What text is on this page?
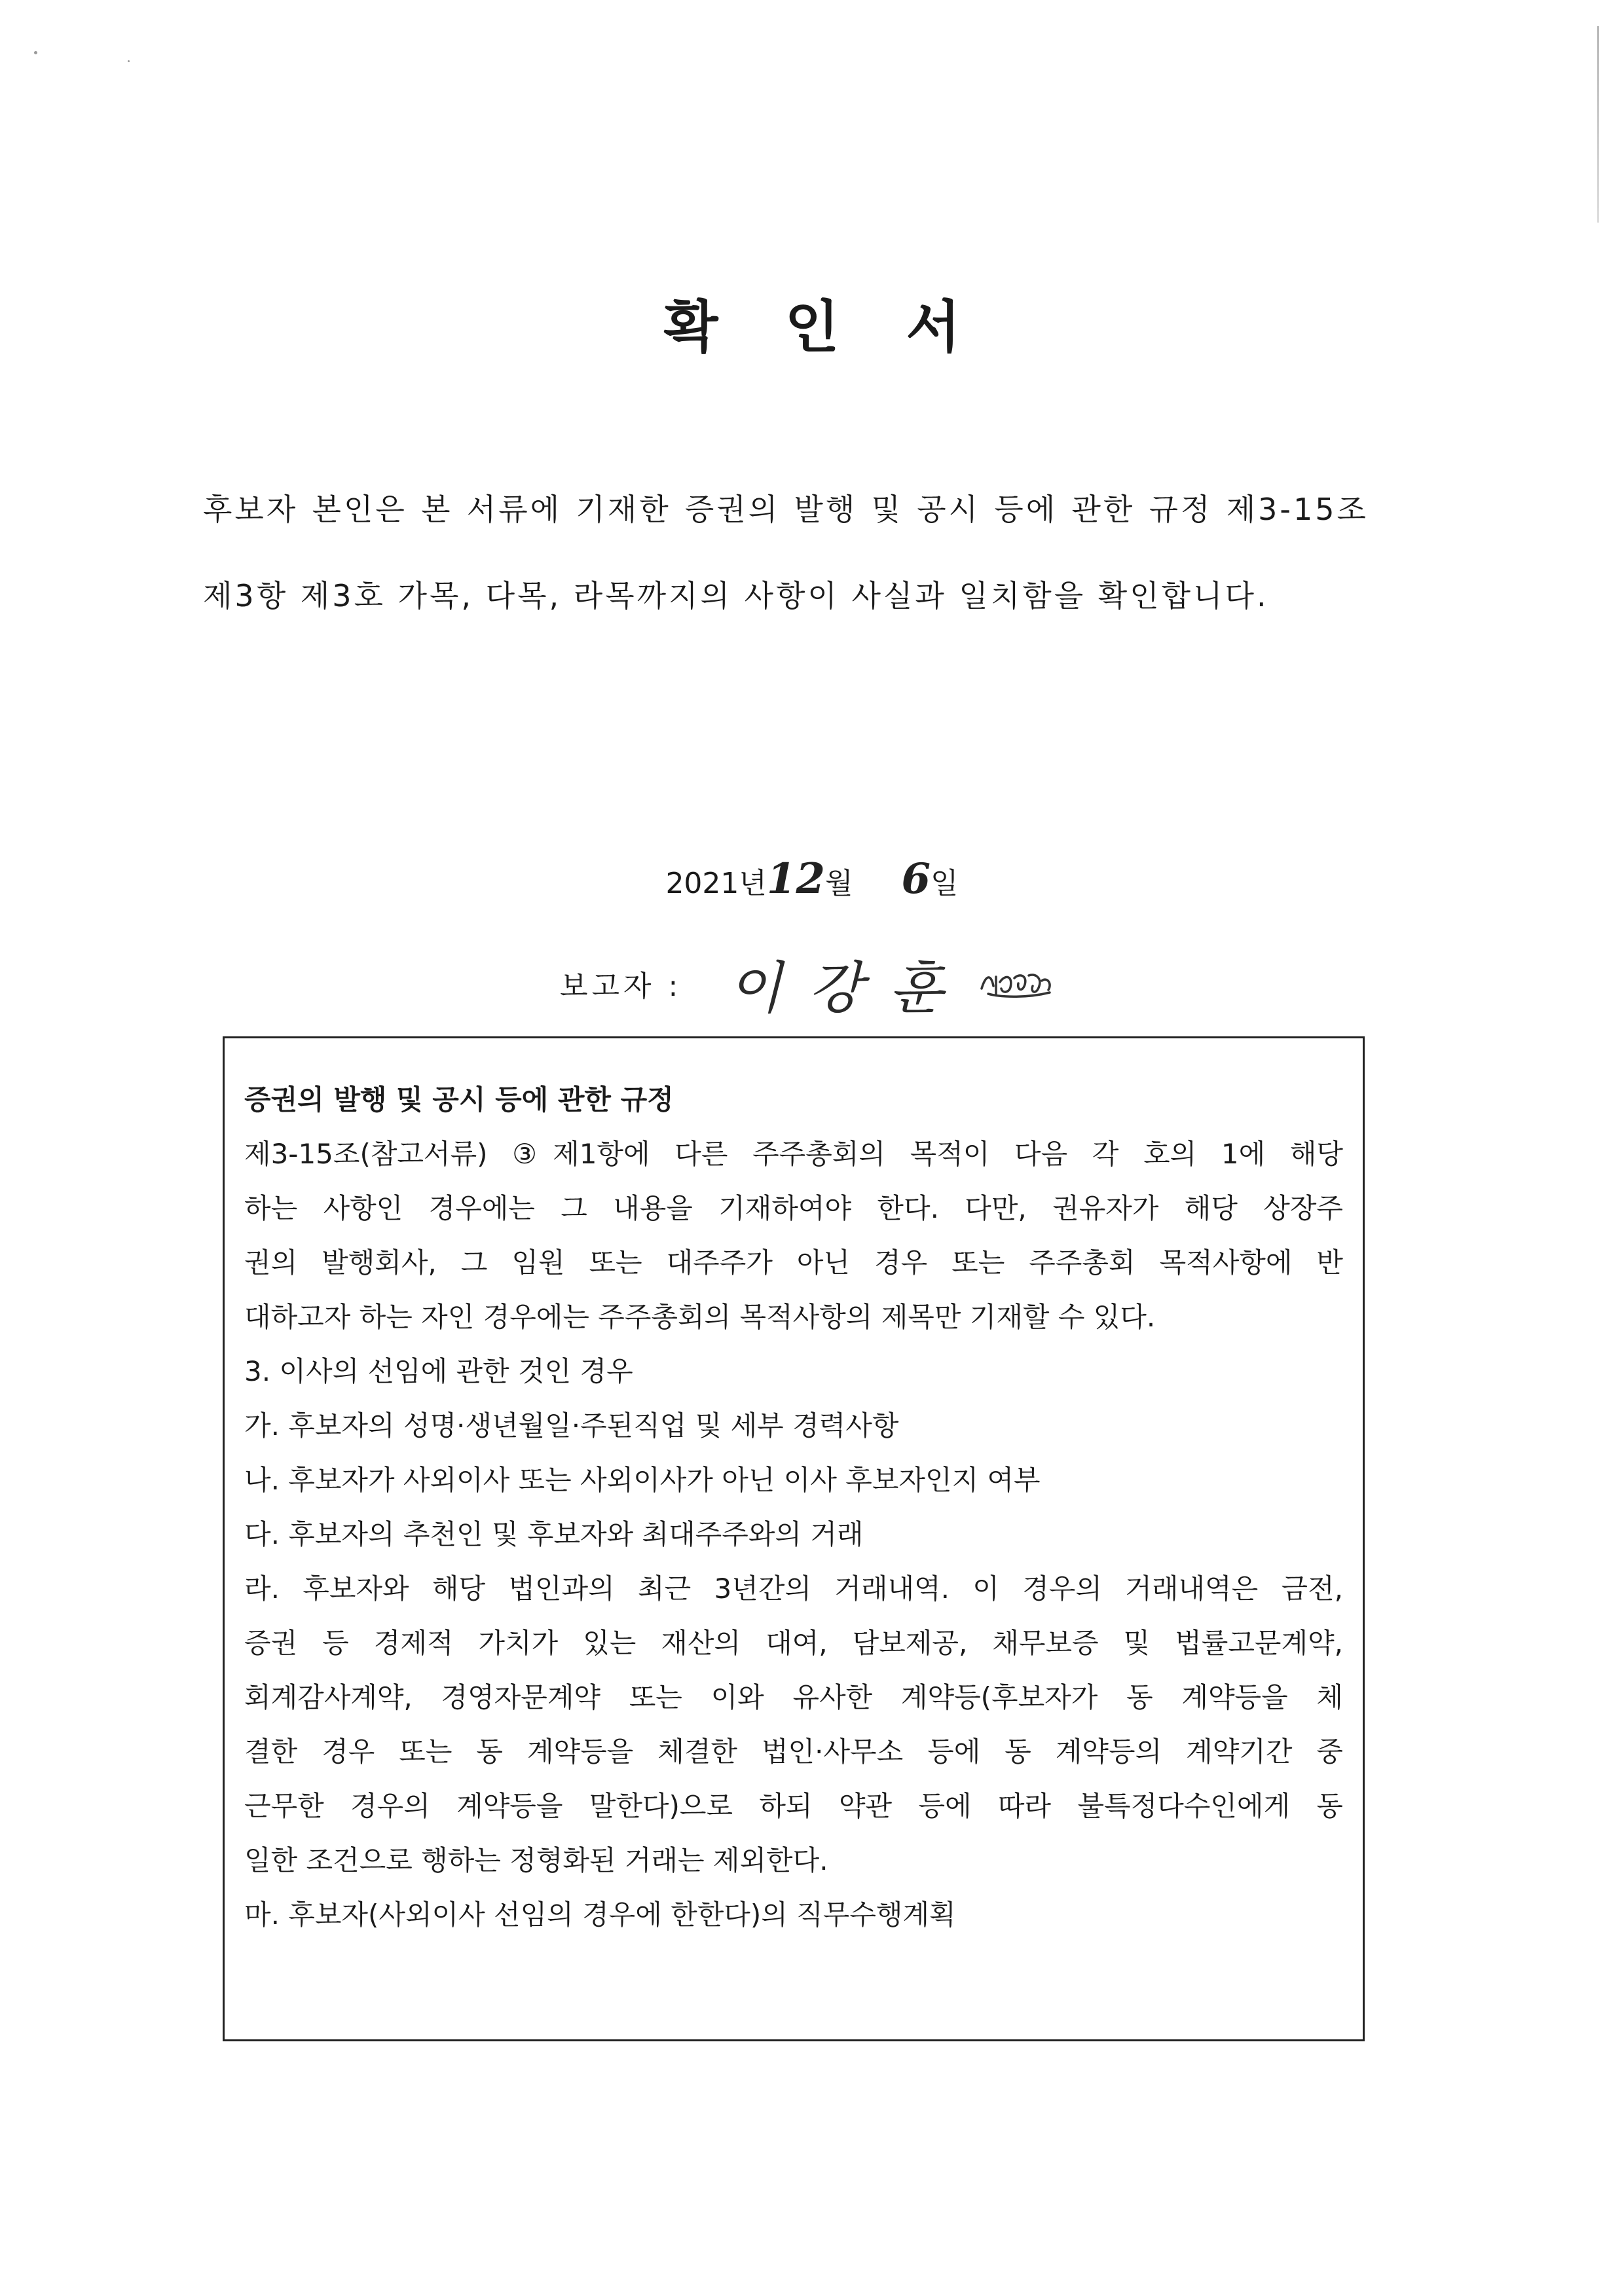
확 인 서
후보자 본인은 본 서류에 기재한 증권의 발행 및 공시 등에 관한 규정 제3-15조 제3항 제3호 가목, 다목, 라목까지의 사항이 사실과 일치함을 확인합니다.
2021년12월 6일
보고자 : 이강훈
증권의 발행 및 공시 등에 관한 규정
제3-15조(참고서류) ③제1항에 다른 주주총회의 목적이 다음 각 호의 1에 해당
하는 사항인 경우에는 그 내용을 기재하여야 한다. 다만, 권유자가 해당 상장주
권의 발행회사, 그 임원 또는 대주주가 아닌 경우 또는 주주총회 목적사항에 반
대하고자 하는 자인 경우에는 주주총회의 목적사항의 제목만 기재할 수 있다.
3. 이사의 선임에 관한 것인 경우
가. 후보자의 성명·생년월일·주된직업 및 세부 경력사항
나. 후보자가 사외이사 또는 사외이사가 아닌 이사 후보자인지 여부
다. 후보자의 추천인 및 후보자와 최대주주와의 거래
라. 후보자와 해당 법인과의 최근 3년간의 거래내역. 이 경우의 거래내역은 금전,
증권 등 경제적 가치가 있는 재산의 대여, 담보제공, 채무보증 및 법률고문계약,
회계감사계약, 경영자문계약 또는 이와 유사한 계약등(후보자가 동 계약등을 체
결한 경우 또는 동 계약등을 체결한 법인·사무소 등에 동 계약등의 계약기간 중
근무한 경우의 계약등을 말한다)으로 하되 약관 등에 따라 불특정다수인에게 동
일한 조건으로 행하는 정형화된 거래는 제외한다.
마. 후보자(사외이사 선임의 경우에 한한다)의 직무수행계획
